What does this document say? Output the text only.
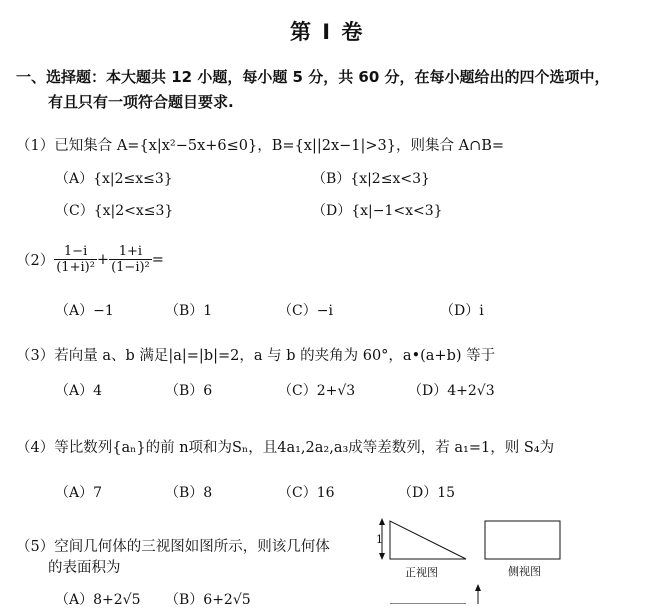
第 I 卷
一、选择题：本大题共 12 小题，每小题 5 分，共 60 分，在每小题给出的四个选项中，
有且只有一项符合题目要求.
（1）已知集合 A={x|x²−5x+6≤0}，B={x||2x−1|>3}，则集合 A∩B=
（A）{x|2≤x≤3}	（B）{x|2≤x<3}
（C）{x|2<x≤3}	（D）{x|−1<x<3}
$(2) \frac{1-i}{\text{(1+i)²}} + \frac{1+i}{\text{(1−i)²}}$ =
（A）−1	（B）1	（C）−i	（D）i
（3）若向量 a、b 满足|a|=|b|=2，a 与 b 的夹角为 60°，a•(a+b) 等于
（A）4	（B）6	（C）2+√3	（D）4+2√3
（4）等比数列{aₙ}的前 n项和为Sₙ，且4a₁,2a₂,a₃成等差数列，若 a₁=1，则 S₄为
（A）7	（B）8	（C）16	（D）15
（5）空间几何体的三视图如图所示，则该几何体
的表面积为
（A）8+2√5 （B）6+2√5
1
正视图	侧视图
